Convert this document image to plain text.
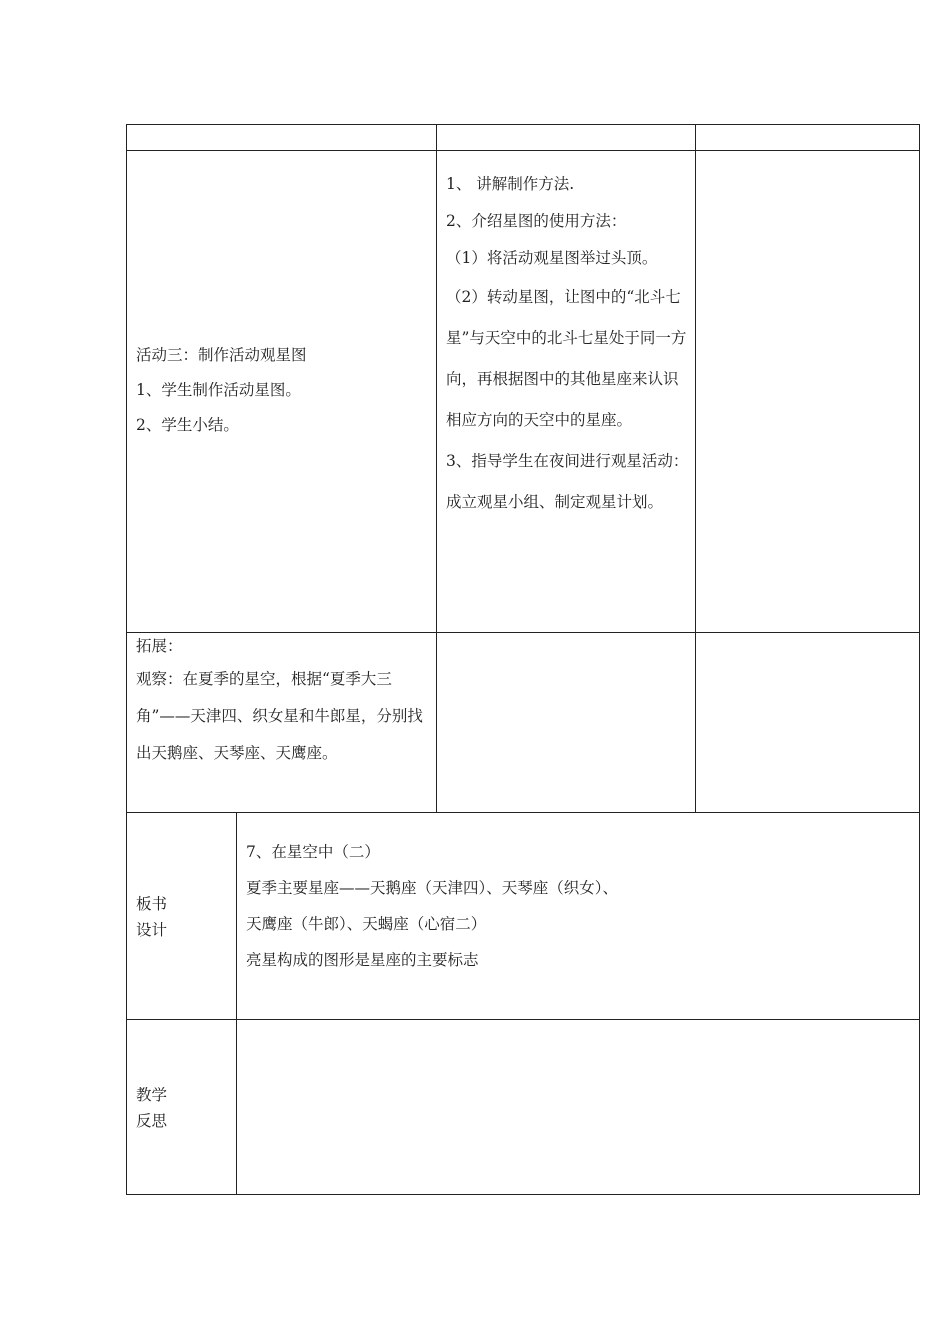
活动三：制作活动观星图

1、学生制作活动星图。

2、学生小结。

1、 讲解制作方法.

2、介绍星图的使用方法：

（1）将活动观星图举过头顶。

（2）转动星图，让图中的“北斗七星”与天空中的北斗七星处于同一方向，再根据图中的其他星座来认识相应方向的天空中的星座。

3、指导学生在夜间进行观星活动：成立观星小组、制定观星计划。

拓展：

观察：在夏季的星空，根据“夏季大三角”——天津四、织女星和牛郎星，分别找出天鹅座、天琴座、天鹰座。

板书
设计

7、在星空中（二）

夏季主要星座——天鹅座（天津四）、天琴座（织女）、

天鹰座（牛郎）、天蝎座（心宿二）

亮星构成的图形是星座的主要标志

教学
反思
